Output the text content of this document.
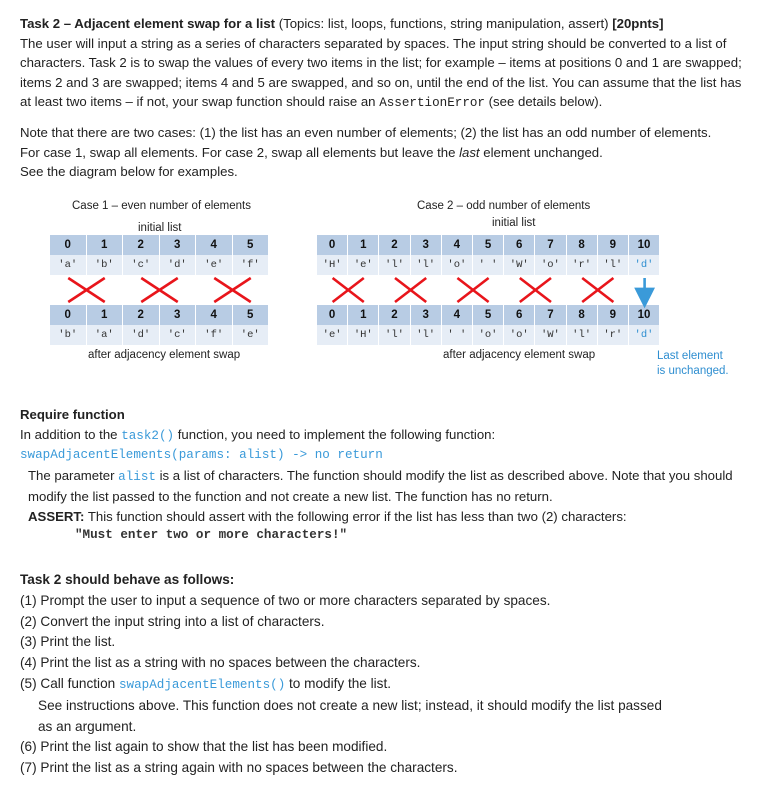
Task 2 – Adjacent element swap for a list (Topics: list, loops, functions, string manipulation, assert) [20pnts]
The user will input a string as a series of characters separated by spaces. The input string should be converted to a list of characters. Task 2 is to swap the values of every two items in the list; for example – items at positions 0 and 1 are swapped; items 2 and 3 are swapped; items 4 and 5 are swapped, and so on, until the end of the list. You can assume that the list has at least two items – if not, your swap function should raise an AssertionError (see details below).

Note that there are two cases: (1) the list has an even number of elements; (2) the list has an odd number of elements.
For case 1, swap all elements. For case 2, swap all elements but leave the last element unchanged.
See the diagram below for examples.

Case 1 – even number of elements
initial list
Case 2 – odd number of elements
initial list
0	1	2	3	4	5
'a'	'b'	'c'	'd'	'e'	'f'
0	1	2	3	4	5
'b'	'a'	'd'	'c'	'f'	'e'
0	1	2	3	4	5	6	7	8	9	10
'H'	'e'	'l'	'l'	'o'	' '	'W'	'o'	'r'	'l'	'd'
0	1	2	3	4	5	6	7	8	9	10
'e'	'H'	'l'	'l'	' '	'o'	'o'	'W'	'l'	'r'	'd'
after adjacency element swap	after adjacency element swap	Last element
is unchanged.
Require function
In addition to the task2() function, you need to implement the following function:
swapAdjacentElements(params: alist) -> no return
The parameter alist is a list of characters. The function should modify the list as described above. Note that you should modify the list passed to the function and not create a new list. The function has no return.
ASSERT: This function should assert with the following error if the list has less than two (2) characters:
"Must enter two or more characters!"

Task 2 should behave as follows:

(1) Prompt the user to input a sequence of two or more characters separated by spaces.

(2) Convert the input string into a list of characters.

(3) Print the list.

(4) Print the list as a string with no spaces between the characters.

(5) Call function swapAdjacentElements() to modify the list.

See instructions above. This function does not create a new list; instead, it should modify the list passed as an argument.

(6) Print the list again to show that the list has been modified.

(7) Print the list as a string again with no spaces between the characters.
